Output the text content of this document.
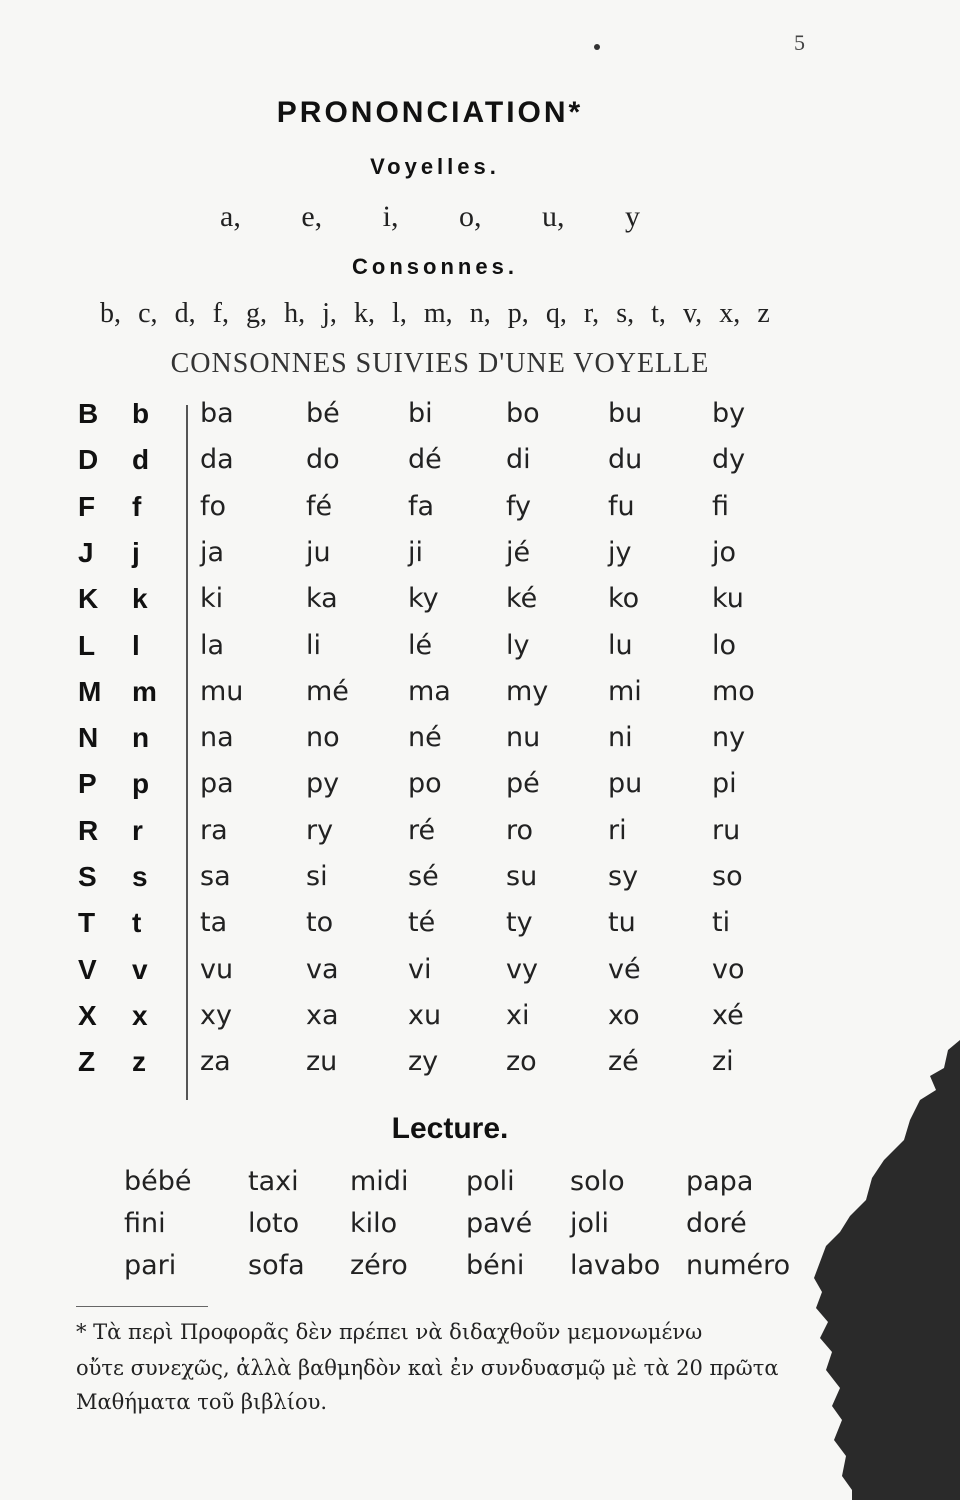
5
PRONONCIATION*
Voyelles.
a, e, i, o, u, y
Consonnes.
b, c, d, f, g, h, j, k, l, m, n, p, q, r, s, t, v, x, z
CONSONNES SUIVIES D'UNE VOYELLE
B	b	ba	bé	bi	bo	bu	by
D	d	da	do	dé di	du	dy
F	f	fo	fé	fa	fy	fu	fi
J	j	ja	ju	ji	jé	jy	jo
K	k	ki	ka	ky ké	ko	ku
L	l	la	li	lé	ly	lu	lo
M m mu mé ma my mi	mo
N	n	na	no	né nu	ni	ny
P	p	pa	py	po pé	pu	pi
R	r	ra	ry	ré	ro	ri	ru
S	s	sa	si	sé su	sy	so
T	t	ta	to	té	ty	tu	ti
V	v	vu	va	vi	vy	vé	vo
X	x	xy	xa	xu xi	xo	xé
Z	z	za	zu	zy	zo	zé	zi
Lecture.
bébé taxi midi poli solo papa
fini	loto kilo	pavé joli	doré
pari	sofa zéro béni lavabo numéro
* Τὰ περὶ Προφορᾶς δὲν πρέπει νὰ διδαχθοῦν μεμονωμένω
οὔτε συνεχῶς, ἀλλὰ βαθμηδὸν καὶ ἐν συνδυασμῷ μὲ τὰ 20 πρῶτα
Μαθήματα τοῦ βιβλίου.
